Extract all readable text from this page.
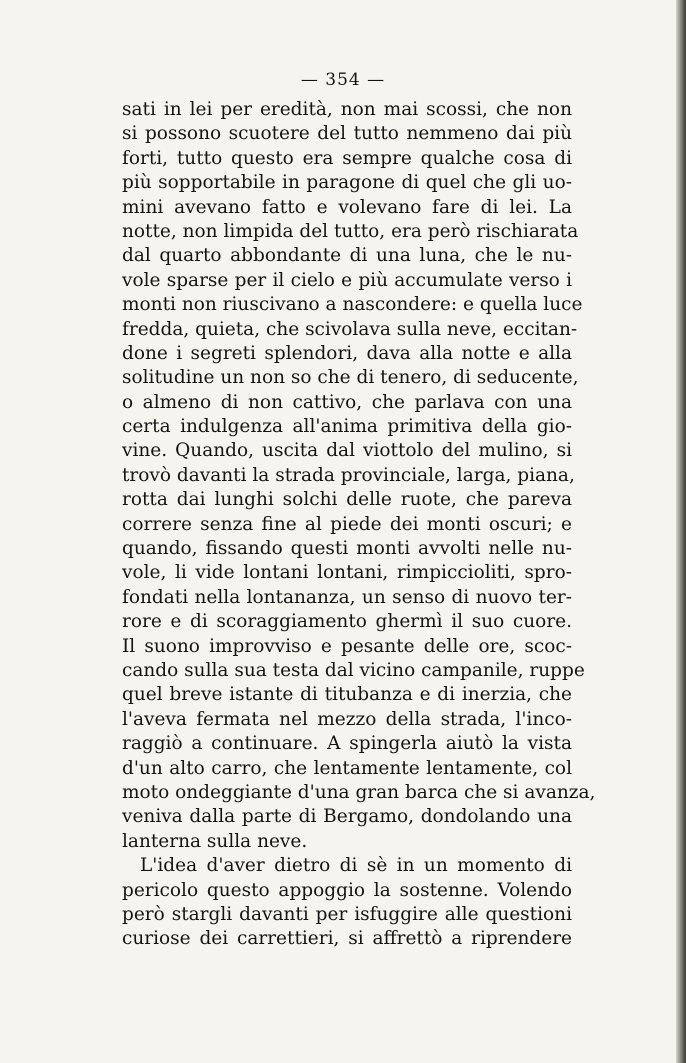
— 354 —
sati in lei per eredità, non mai scossi, che non
si possono scuotere del tutto nemmeno dai più
forti, tutto questo era sempre qualche cosa di
più sopportabile in paragone di quel che gli uo-
mini avevano fatto e volevano fare di lei. La
notte, non limpida del tutto, era però rischiarata
dal quarto abbondante di una luna, che le nu-
vole sparse per il cielo e più accumulate verso i
monti non riuscivano a nascondere: e quella luce
fredda, quieta, che scivolava sulla neve, eccitan-
done i segreti splendori, dava alla notte e alla
solitudine un non so che di tenero, di seducente,
o almeno di non cattivo, che parlava con una
certa indulgenza all'anima primitiva della gio-
vine. Quando, uscita dal viottolo del mulino, si
trovò davanti la strada provinciale, larga, piana,
rotta dai lunghi solchi delle ruote, che pareva
correre senza fine al piede dei monti oscuri; e
quando, fissando questi monti avvolti nelle nu-
vole, li vide lontani lontani, rimpiccioliti, spro-
fondati nella lontananza, un senso di nuovo ter-
rore e di scoraggiamento ghermì il suo cuore.
Il suono improvviso e pesante delle ore, scoc-
cando sulla sua testa dal vicino campanile, ruppe
quel breve istante di titubanza e di inerzia, che
l'aveva fermata nel mezzo della strada, l'inco-
raggiò a continuare. A spingerla aiutò la vista
d'un alto carro, che lentamente lentamente, col
moto ondeggiante d'una gran barca che si avanza,
veniva dalla parte di Bergamo, dondolando una
lanterna sulla neve.
L'idea d'aver dietro di sè in un momento di
pericolo questo appoggio la sostenne. Volendo
però stargli davanti per isfuggire alle questioni
curiose dei carrettieri, si affrettò a riprendere
